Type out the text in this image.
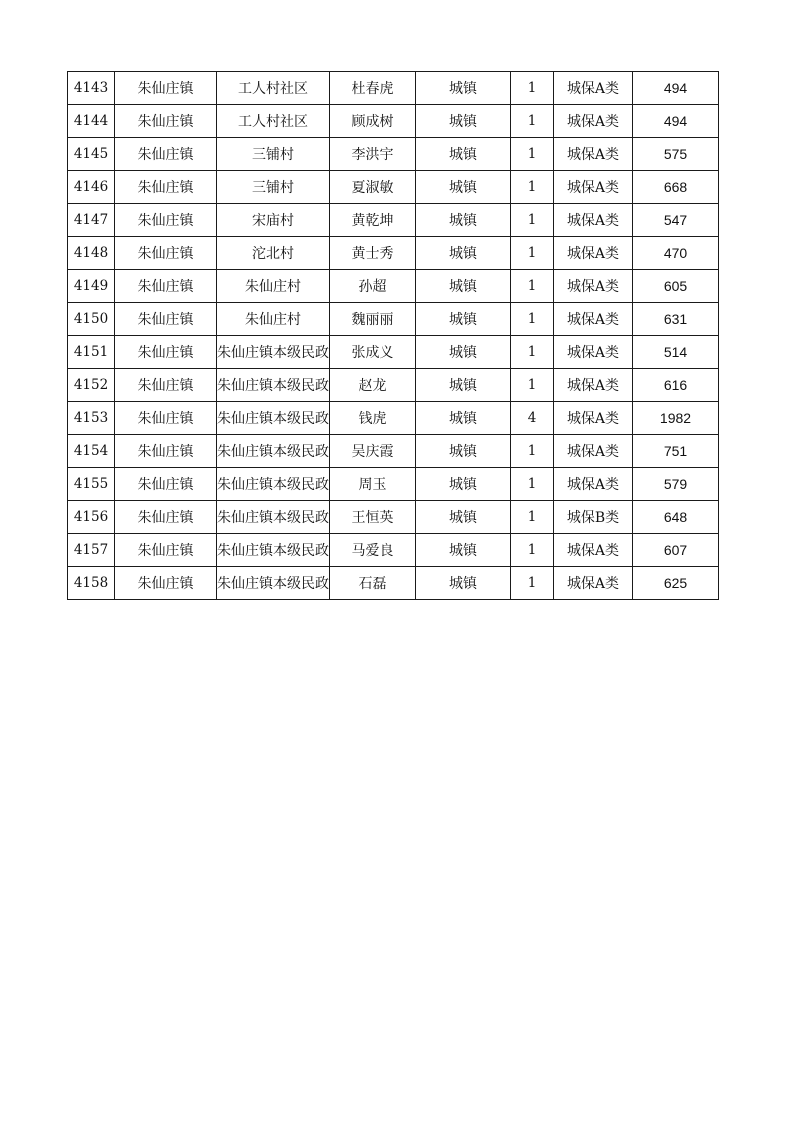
4143	朱仙庄镇	工人村社区	杜春虎	城镇	1	城保A类	494
4144	朱仙庄镇	工人村社区	顾成树	城镇	1	城保A类	494
4145	朱仙庄镇	三铺村	李洪宇	城镇	1	城保A类	575
4146	朱仙庄镇	三铺村	夏淑敏	城镇	1	城保A类	668
4147	朱仙庄镇	宋庙村	黄乾坤	城镇	1	城保A类	547
4148	朱仙庄镇	沱北村	黄士秀	城镇	1	城保A类	470
4149	朱仙庄镇	朱仙庄村	孙超	城镇	1	城保A类	605
4150	朱仙庄镇	朱仙庄村	魏丽丽	城镇	1	城保A类	631
4151	朱仙庄镇	朱仙庄镇本级民政	张成义	城镇	1	城保A类	514
4152	朱仙庄镇	朱仙庄镇本级民政	赵龙	城镇	1	城保A类	616
4153	朱仙庄镇	朱仙庄镇本级民政	钱虎	城镇	4	城保A类	1982
4154	朱仙庄镇	朱仙庄镇本级民政	吴庆霞	城镇	1	城保A类	751
4155	朱仙庄镇	朱仙庄镇本级民政	周玉	城镇	1	城保A类	579
4156	朱仙庄镇	朱仙庄镇本级民政	王恒英	城镇	1	城保B类	648
4157	朱仙庄镇	朱仙庄镇本级民政	马爱良	城镇	1	城保A类	607
4158	朱仙庄镇	朱仙庄镇本级民政	石磊	城镇	1	城保A类	625
